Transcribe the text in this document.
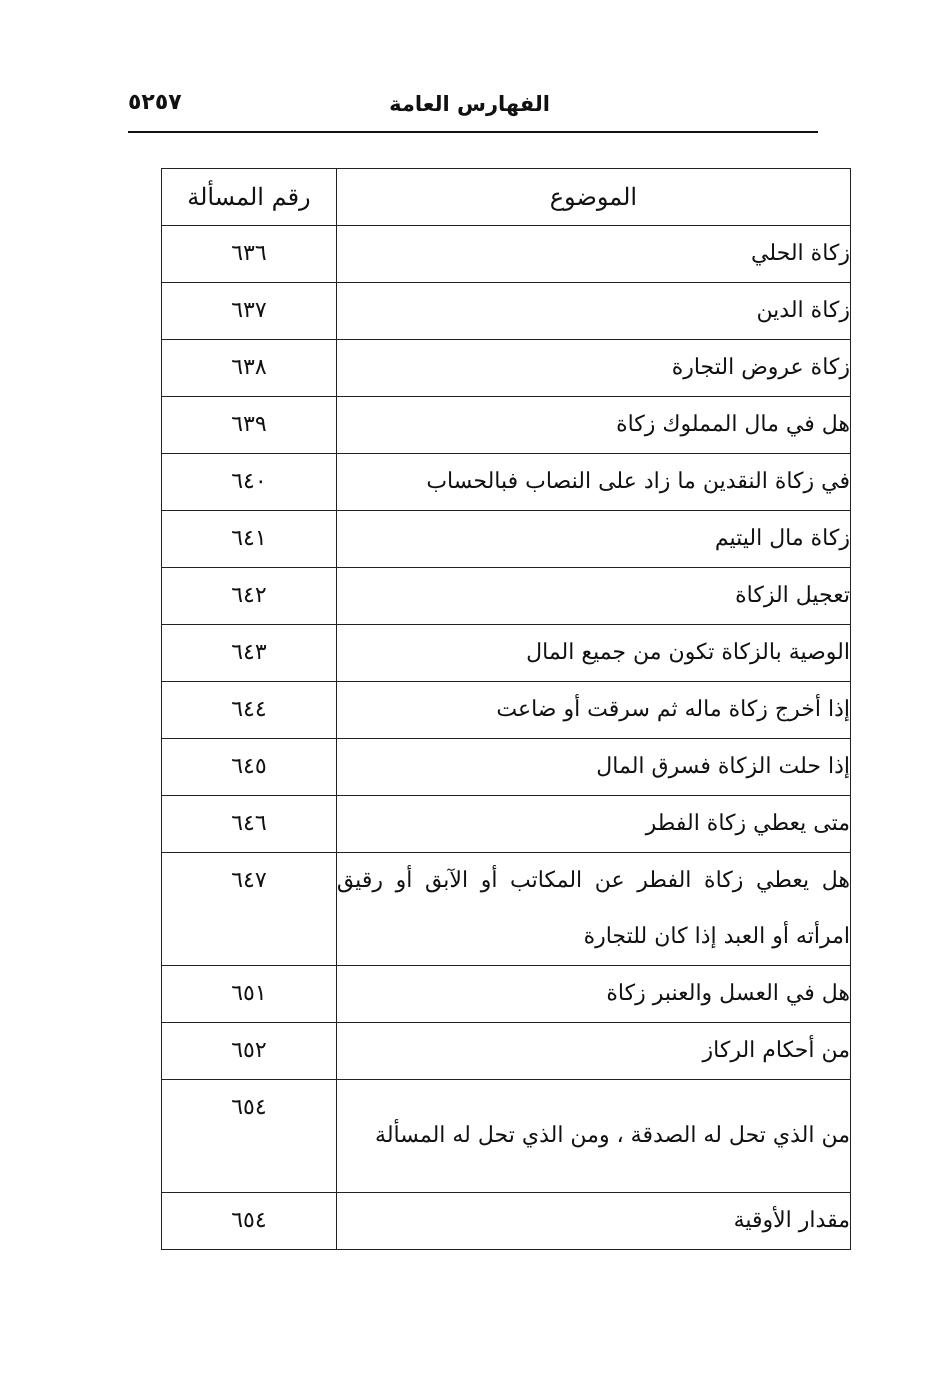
الفهارس العامة
٥٢٥٧
الموضوع	رقم المسألة
زكاة الحلي	٦٣٦
زكاة الدين	٦٣٧
زكاة عروض التجارة	٦٣٨
هل في مال المملوك زكاة	٦٣٩
في زكاة النقدين ما زاد على النصاب فبالحساب	٦٤٠
زكاة مال اليتيم	٦٤١
تعجيل الزكاة	٦٤٢
الوصية بالزكاة تكون من جميع المال	٦٤٣
إذا أخرج زكاة ماله ثم سرقت أو ضاعت	٦٤٤
إذا حلت الزكاة فسرق المال	٦٤٥
متى يعطي زكاة الفطر	٦٤٦
هل يعطي زكاة الفطر عن المكاتب أو الآبق أو رقيق امرأته أو العبد إذا كان للتجارة	٦٤٧
هل في العسل والعنبر زكاة	٦٥١
من أحكام الركاز	٦٥٢
من الذي تحل له الصدقة ، ومن الذي تحل له المسألة	٦٥٤
مقدار الأوقية	٦٥٤
